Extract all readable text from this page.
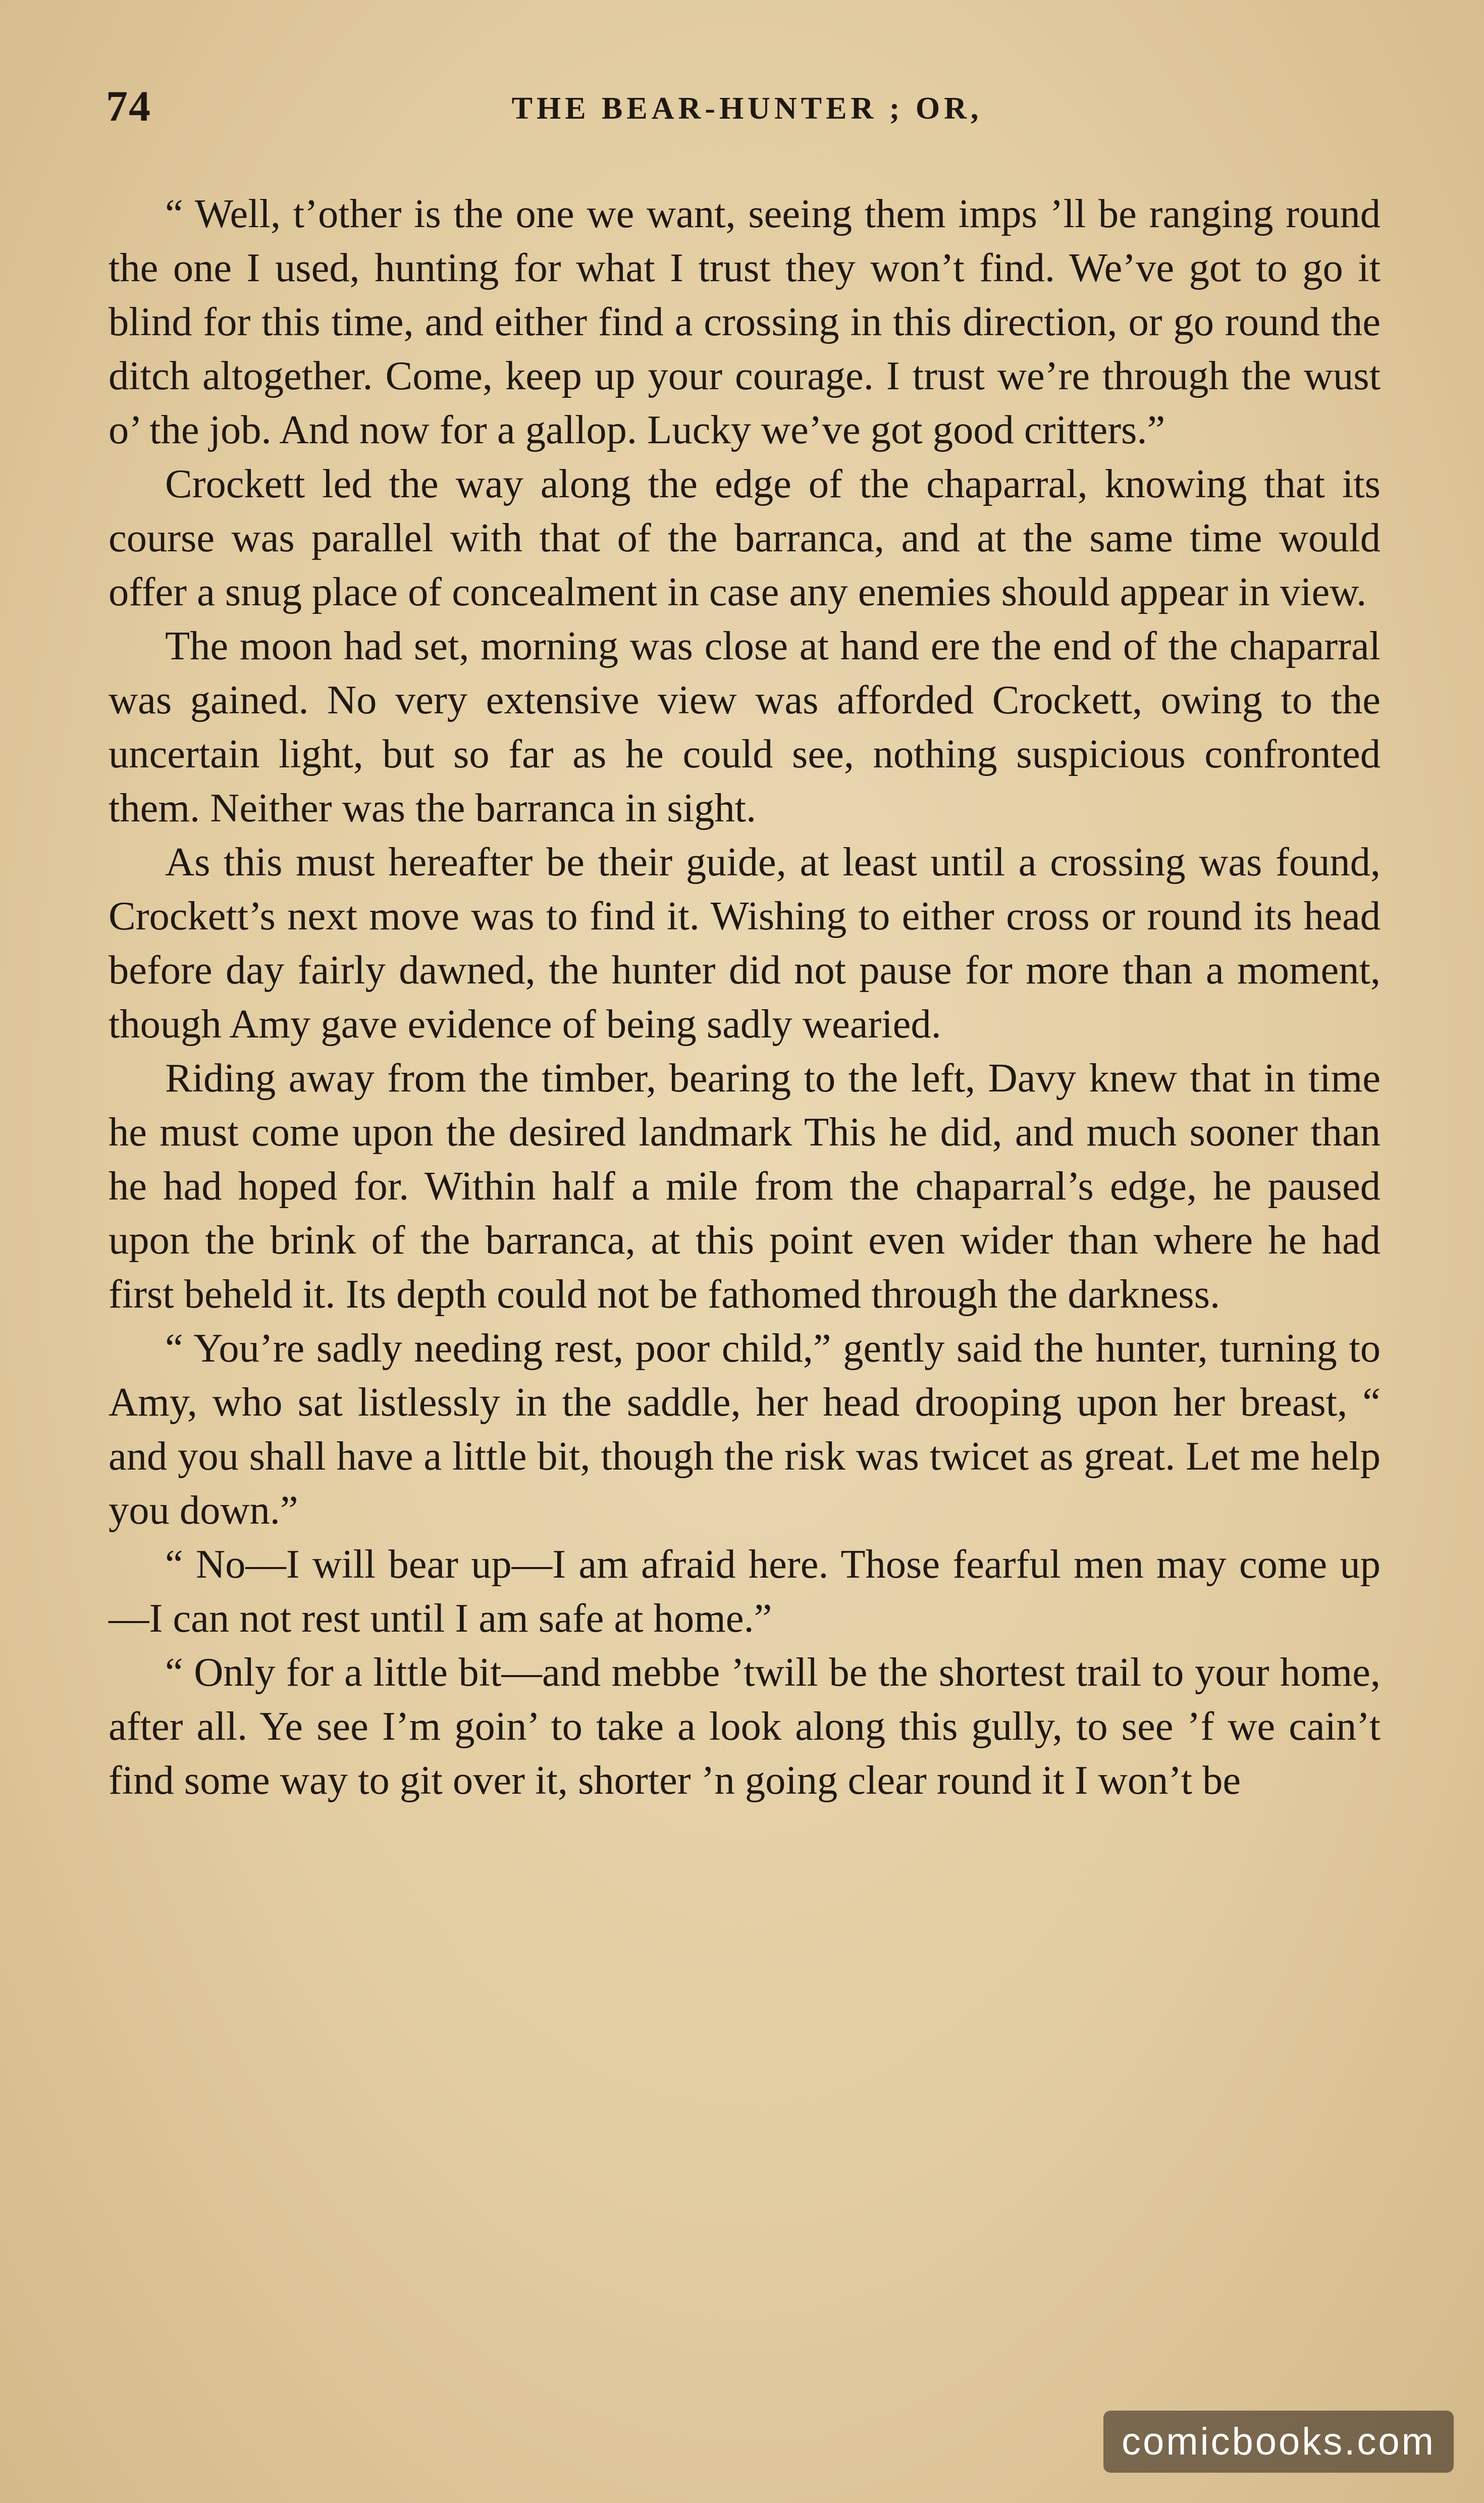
74	THE BEAR-HUNTER ; OR,

“ Well, t’other is the one we want, seeing them imps ’ll be ranging round the one I used, hunting for what I trust they won’t find. We’ve got to go it blind for this time, and either find a crossing in this direction, or go round the ditch altogether. Come, keep up your courage. I trust we’re through the wust o’ the job. And now for a gallop. Lucky we’ve got good critters.”

Crockett led the way along the edge of the chaparral, knowing that its course was parallel with that of the barranca, and at the same time would offer a snug place of concealment in case any enemies should appear in view.

The moon had set, morning was close at hand ere the end of the chaparral was gained. No very extensive view was afforded Crockett, owing to the uncertain light, but so far as he could see, nothing suspicious confronted them. Neither was the barranca in sight.

As this must hereafter be their guide, at least until a crossing was found, Crockett’s next move was to find it. Wishing to either cross or round its head before day fairly dawned, the hunter did not pause for more than a moment, though Amy gave evidence of being sadly wearied.

Riding away from the timber, bearing to the left, Davy knew that in time he must come upon the desired landmark This he did, and much sooner than he had hoped for. Within half a mile from the chaparral’s edge, he paused upon the brink of the barranca, at this point even wider than where he had first beheld it. Its depth could not be fathomed through the darkness.

“ You’re sadly needing rest, poor child,” gently said the hunter, turning to Amy, who sat listlessly in the saddle, her head drooping upon her breast, “ and you shall have a little bit, though the risk was twicet as great. Let me help you down.”

“ No—I will bear up—I am afraid here. Those fearful men may come up—I can not rest until I am safe at home.”

“ Only for a little bit—and mebbe ’twill be the shortest trail to your home, after all. Ye see I’m goin’ to take a look along this gully, to see ’f we cain’t find some way to git over it, shorter ’n going clear round it I won’t be

comicbooks.com
